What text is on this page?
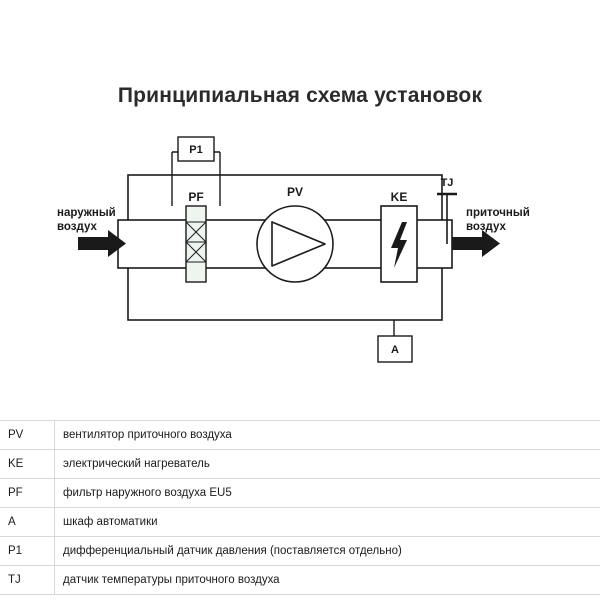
Принципиальная схема установок
P1
TJ
A
PF	PV	KE
наружный
воздух
приточный
воздух
PV	вентилятор приточного воздуха
KE	электрический нагреватель
PF	фильтр наружного воздуха EU5
A	шкаф автоматики
P1	дифференциальный датчик давления (поставляется отдельно)
TJ	датчик температуры приточного воздуха
